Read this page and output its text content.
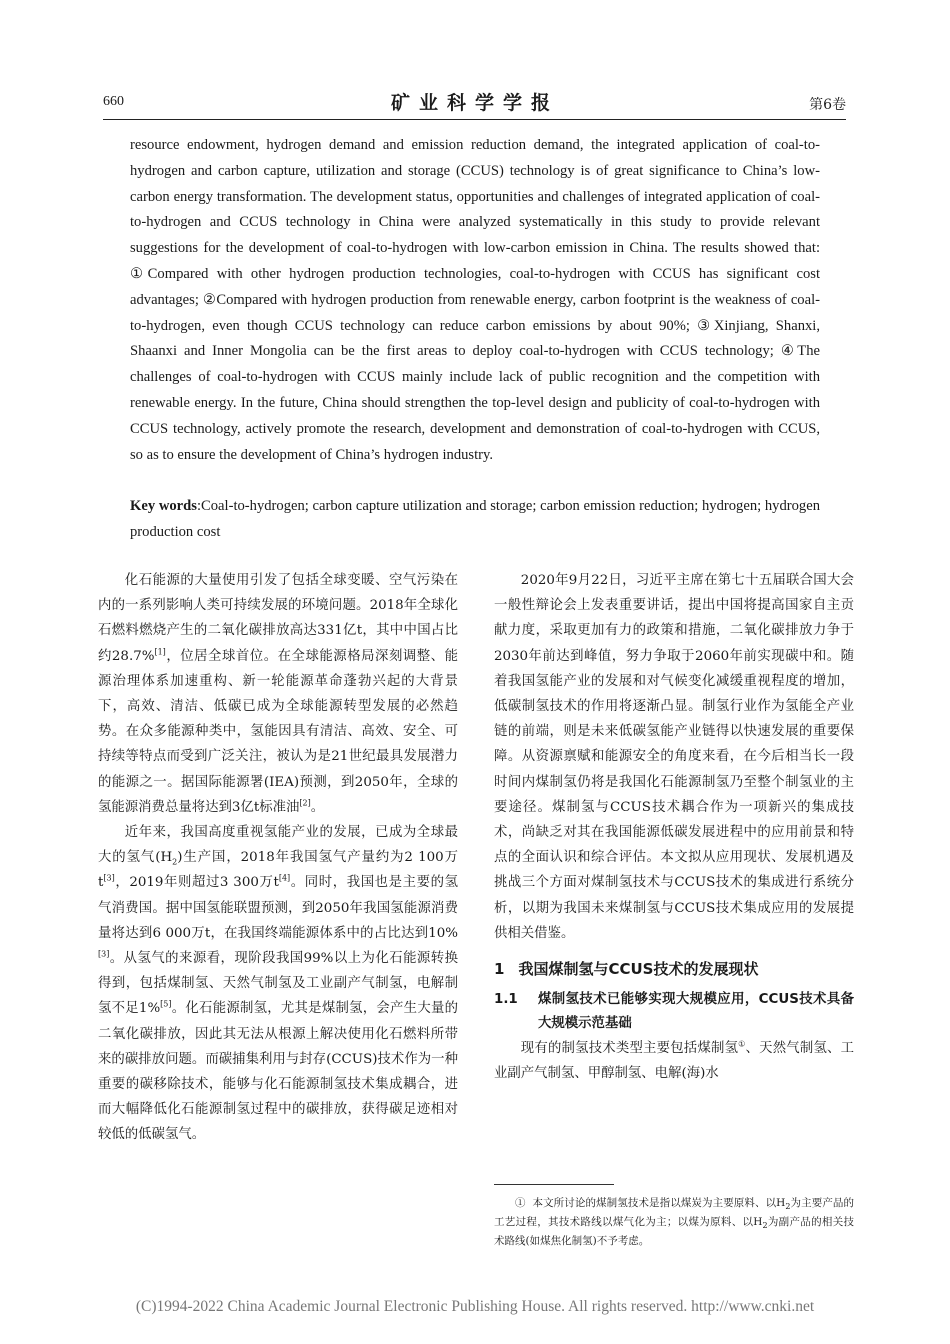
660	矿业科学学报	第6卷

resource endowment, hydrogen demand and emission reduction demand, the integrated application of coal-to-hydrogen and carbon capture, utilization and storage (CCUS) technology is of great significance to China’s low-carbon energy transformation. The development status, opportunities and challenges of integrated application of coal-to-hydrogen and CCUS technology in China were analyzed systematically in this study to provide relevant suggestions for the development of coal-to-hydrogen with low-carbon emission in China. The results showed that: ①Compared with other hydrogen production technologies, coal-to-hydrogen with CCUS has significant cost advantages; ②Compared with hydrogen production from renewable energy, carbon footprint is the weakness of coal-to-hydrogen, even though CCUS technology can reduce carbon emissions by about 90%; ③Xinjiang, Shanxi, Shaanxi and Inner Mongolia can be the first areas to deploy coal-to-hydrogen with CCUS technology; ④The challenges of coal-to-hydrogen with CCUS mainly include lack of public recognition and the competition with renewable energy. In the future, China should strengthen the top-level design and publicity of coal-to-hydrogen with CCUS technology, actively promote the research, development and demonstration of coal-to-hydrogen with CCUS, so as to ensure the development of China’s hydrogen industry.

Key words:Coal-to-hydrogen; carbon capture utilization and storage; carbon emission reduction; hydrogen; hydrogen production cost

化石能源的大量使用引发了包括全球变暖、空气污染在内的一系列影响人类可持续发展的环境问题。2018年全球化石燃料燃烧产生的二氧化碳排放高达331亿t，其中中国占比约28.7%[1]，位居全球首位。在全球能源格局深刻调整、能源治理体系加速重构、新一轮能源革命蓬勃兴起的大背景下，高效、清洁、低碳已成为全球能源转型发展的必然趋势。在众多能源种类中，氢能因具有清洁、高效、安全、可持续等特点而受到广泛关注，被认为是21世纪最具发展潜力的能源之一。据国际能源署(IEA)预测，到2050年，全球的氢能源消费总量将达到3亿t标准油[2]。

近年来，我国高度重视氢能产业的发展，已成为全球最大的氢气$(H_2)$生产国，2018年我国氢气产量约为2 100万t[3]，2019年则超过3 300万t[4]。同时，我国也是主要的氢气消费国。据中国氢能联盟预测，到2050年我国氢能源消费量将达到6 000万t，在我国终端能源体系中的占比达到10%[3]。从氢气的来源看，现阶段我国99%以上为化石能源转换得到，包括煤制氢、天然气制氢及工业副产气制氢，电解制氢不足1%[5]。化石能源制氢，尤其是煤制氢，会产生大量的二氧化碳排放，因此其无法从根源上解决使用化石燃料所带来的碳排放问题。而碳捕集利用与封存(CCUS)技术作为一种重要的碳移除技术，能够与化石能源制氢技术集成耦合，进而大幅降低化石能源制氢过程中的碳排放，获得碳足迹相对较低的低碳氢气。

2020年9月22日，习近平主席在第七十五届联合国大会一般性辩论会上发表重要讲话，提出中国将提高国家自主贡献力度，采取更加有力的政策和措施，二氧化碳排放力争于2030年前达到峰值，努力争取于2060年前实现碳中和。随着我国氢能产业的发展和对气候变化减缓重视程度的增加，低碳制氢技术的作用将逐渐凸显。制氢行业作为氢能全产业链的前端，则是未来低碳氢能产业链得以快速发展的重要保障。从资源禀赋和能源安全的角度来看，在今后相当长一段时间内煤制氢仍将是我国化石能源制氢乃至整个制氢业的主要途径。煤制氢与CCUS技术耦合作为一项新兴的集成技术，尚缺乏对其在我国能源低碳发展进程中的应用前景和特点的全面认识和综合评估。本文拟从应用现状、发展机遇及挑战三个方面对煤制氢技术与CCUS技术的集成进行系统分析，以期为我国未来煤制氢与CCUS技术集成应用的发展提供相关借鉴。

1 我国煤制氢与CCUS技术的发展现状
1.1	煤制氢技术已能够实现大规模应用，CCUS技术具备大规模示范基础

现有的制氢技术类型主要包括煤制氢①、天然气制氢、工业副产气制氢、甲醇制氢、电解(海)水

① 本文所讨论的煤制氢技术是指以煤炭为主要原料、以$H_2$为主要产品的工艺过程，其技术路线以煤气化为主；以煤为原料、以$H_2$为副产品的相关技术路线(如煤焦化制氢)不予考虑。

(C)1994-2022 China Academic Journal Electronic Publishing House. All rights reserved. http://www.cnki.net
